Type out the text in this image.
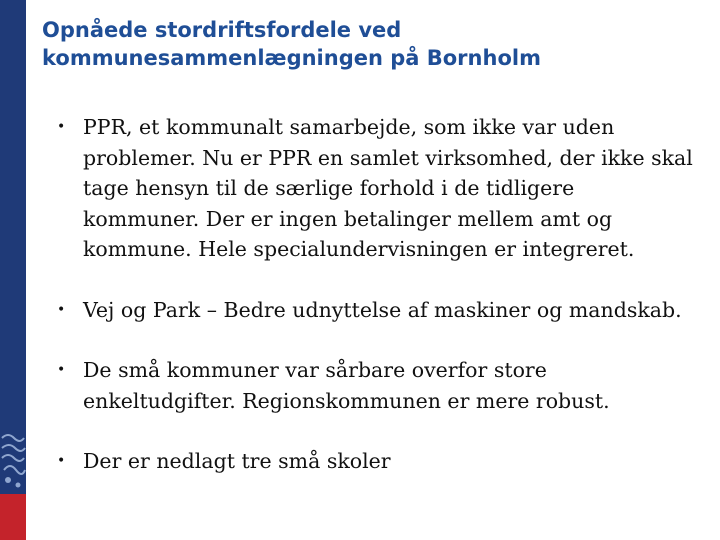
Opnåede stordriftsfordele ved
kommunesammenlægningen på Bornholm
• PPR, et kommunalt samarbejde, som ikke var uden problemer. Nu er PPR en samlet virksomhed, der ikke skal tage hensyn til de særlige forhold i de tidligere kommuner. Der er ingen betalinger mellem amt og kommune. Hele specialundervisningen er integreret.
• Vej og Park – Bedre udnyttelse af maskiner og mandskab.
• De små kommuner var sårbare overfor store enkeltudgifter. Regionskommunen er mere robust.
• Der er nedlagt tre små skoler
